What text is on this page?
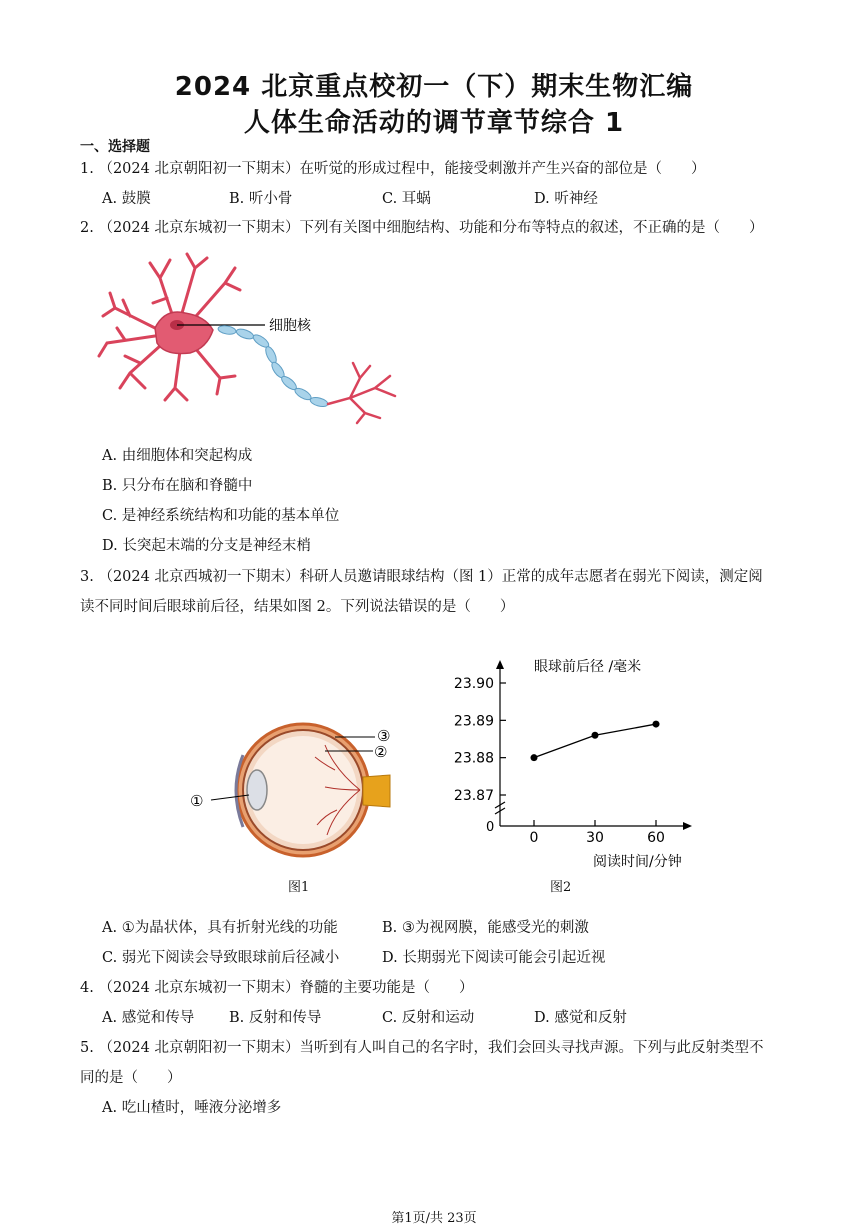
2024 北京重点校初一（下）期末生物汇编
人体生命活动的调节章节综合 1
一、选择题
1. （2024 北京朝阳初一下期末）在听觉的形成过程中，能接受刺激并产生兴奋的部位是（　　）
A. 鼓膜	B. 听小骨	C. 耳蜗	D. 听神经
2. （2024 北京东城初一下期末）下列有关图中细胞结构、功能和分布等特点的叙述，不正确的是（　　）
细胞核
A. 由细胞体和突起构成
B. 只分布在脑和脊髓中
C. 是神经系统结构和功能的基本单位
D. 长突起末端的分支是神经末梢
3. （2024 北京西城初一下期末）科研人员邀请眼球结构（图 1）正常的成年志愿者在弱光下阅读，测定阅
读不同时间后眼球前后径，结果如图 2。下列说法错误的是（　　）
①
②
③
图1
眼球前后径 /毫米
0
23.87
23.88
23.89
23.90
0	30	60
阅读时间/分钟
图2
A. ①为晶状体，具有折射光线的功能	B. ③为视网膜，能感受光的刺激
C. 弱光下阅读会导致眼球前后径减小	D. 长期弱光下阅读可能会引起近视
4. （2024 北京东城初一下期末）脊髓的主要功能是（　　）
A. 感觉和传导 B. 反射和传导	C. 反射和运动	D. 感觉和反射
5. （2024 北京朝阳初一下期末）当听到有人叫自己的名字时，我们会回头寻找声源。下列与此反射类型不
同的是（　　）
A. 吃山楂时，唾液分泌增多
第1页/共 23页
